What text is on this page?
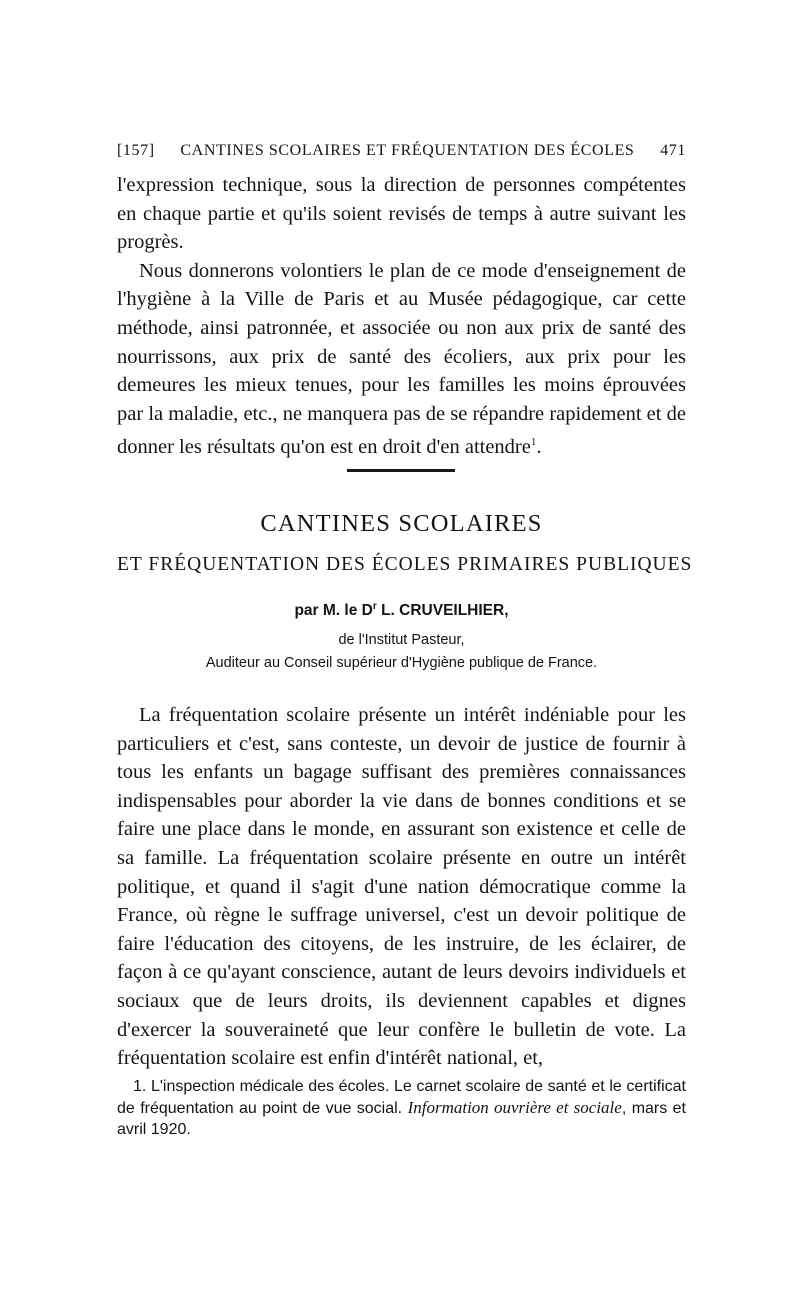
[157]	CANTINES SCOLAIRES ET FRÉQUENTATION DES ÉCOLES	471

l'expression technique, sous la direction de personnes compétentes en chaque partie et qu'ils soient revisés de temps à autre suivant les progrès.

Nous donnerons volontiers le plan de ce mode d'enseignement de l'hygiène à la Ville de Paris et au Musée pédagogique, car cette méthode, ainsi patronnée, et associée ou non aux prix de santé des nourrissons, aux prix de santé des écoliers, aux prix pour les demeures les mieux tenues, pour les familles les moins éprouvées par la maladie, etc., ne manquera pas de se répandre rapidement et de donner les résultats qu'on est en droit d'en attendre$^1$.

CANTINES SCOLAIRES
ET FRÉQUENTATION DES ÉCOLES PRIMAIRES PUBLIQUES
par M. le $D^r$ L. CRUVEILHIER,
de l'Institut Pasteur,
Auditeur au Conseil supérieur d'Hygiène publique de France.

La fréquentation scolaire présente un intérêt indéniable pour les particuliers et c'est, sans conteste, un devoir de justice de fournir à tous les enfants un bagage suffisant des premières connaissances indispensables pour aborder la vie dans de bonnes conditions et se faire une place dans le monde, en assurant son existence et celle de sa famille. La fréquentation scolaire présente en outre un intérêt politique, et quand il s'agit d'une nation démocratique comme la France, où règne le suffrage universel, c'est un devoir politique de faire l'éducation des citoyens, de les instruire, de les éclairer, de façon à ce qu'ayant conscience, autant de leurs devoirs individuels et sociaux que de leurs droits, ils deviennent capables et dignes d'exercer la souveraineté que leur confère le bulletin de vote. La fréquentation scolaire est enfin d'intérêt national, et,

1. L'inspection médicale des écoles. Le carnet scolaire de santé et le certificat de fréquentation au point de vue social. Information ouvrière et sociale, mars et avril 1920.
